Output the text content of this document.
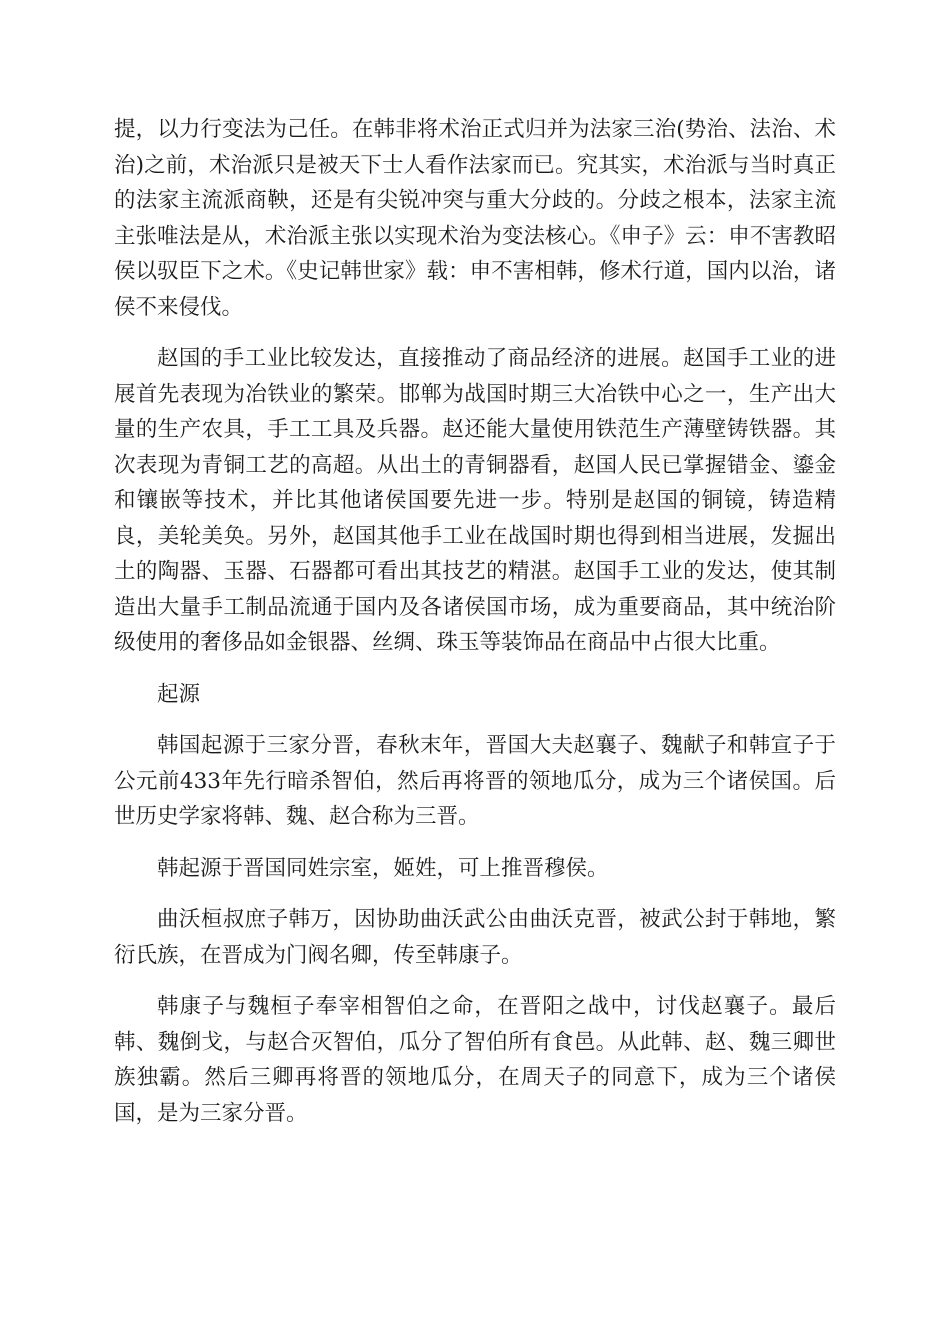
提，以力行变法为己任。在韩非将术治正式归并为法家三治(势治、法治、术治)之前，术治派只是被天下士人看作法家而已。究其实，术治派与当时真正的法家主流派商鞅，还是有尖锐冲突与重大分歧的。分歧之根本，法家主流主张唯法是从，术治派主张以实现术治为变法核心。《申子》云：申不害教昭侯以驭臣下之术。《史记韩世家》载：申不害相韩，修术行道，国内以治，诸侯不来侵伐。

赵国的手工业比较发达，直接推动了商品经济的进展。赵国手工业的进展首先表现为冶铁业的繁荣。邯郸为战国时期三大冶铁中心之一，生产出大量的生产农具，手工工具及兵器。赵还能大量使用铁范生产薄壁铸铁器。其次表现为青铜工艺的高超。从出土的青铜器看，赵国人民已掌握错金、鎏金和镶嵌等技术，并比其他诸侯国要先进一步。特别是赵国的铜镜，铸造精良，美轮美奂。另外，赵国其他手工业在战国时期也得到相当进展，发掘出土的陶器、玉器、石器都可看出其技艺的精湛。赵国手工业的发达，使其制造出大量手工制品流通于国内及各诸侯国市场，成为重要商品，其中统治阶级使用的奢侈品如金银器、丝绸、珠玉等装饰品在商品中占很大比重。

起源

韩国起源于三家分晋，春秋末年，晋国大夫赵襄子、魏献子和韩宣子于公元前433年先行暗杀智伯，然后再将晋的领地瓜分，成为三个诸侯国。后世历史学家将韩、魏、赵合称为三晋。

韩起源于晋国同姓宗室，姬姓，可上推晋穆侯。

曲沃桓叔庶子韩万，因协助曲沃武公由曲沃克晋，被武公封于韩地，繁衍氏族，在晋成为门阀名卿，传至韩康子。

韩康子与魏桓子奉宰相智伯之命，在晋阳之战中，讨伐赵襄子。最后韩、魏倒戈，与赵合灭智伯，瓜分了智伯所有食邑。从此韩、赵、魏三卿世族独霸。然后三卿再将晋的领地瓜分，在周天子的同意下，成为三个诸侯国，是为三家分晋。
